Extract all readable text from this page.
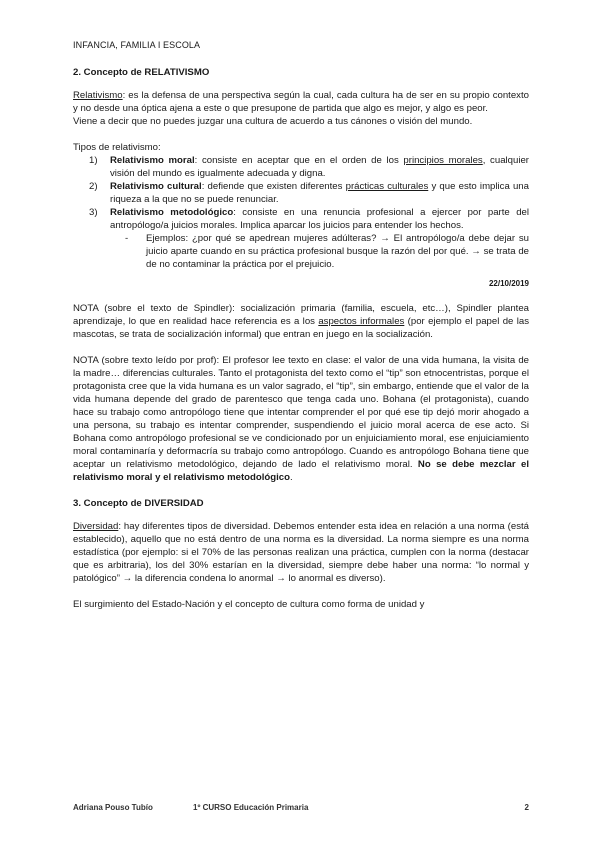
INFANCIA, FAMILIA I ESCOLA
2. Concepto de RELATIVISMO

Relativismo: es la defensa de una perspectiva según la cual, cada cultura ha de ser en su propio contexto y no desde una óptica ajena a este o que presupone de partida que algo es mejor, y algo es peor.

Viene a decir que no puedes juzgar una cultura de acuerdo a tus cánones o visión del mundo.

Tipos de relativismo:

1) Relativismo moral: consiste en aceptar que en el orden de los principios morales, cualquier visión del mundo es igualmente adecuada y digna.
2) Relativismo cultural: defiende que existen diferentes prácticas culturales y que esto implica una riqueza a la que no se puede renunciar.
3) Relativismo metodológico: consiste en una renuncia profesional a ejercer por parte del antropólogo/a juicios morales. Implica aparcar los juicios para entender los hechos.

- Ejemplos: ¿por qué se apedrean mujeres adúlteras? → El antropólogo/a debe dejar su juicio aparte cuando en su práctica profesional busque la razón del por qué. → se trata de de no contaminar la práctica por el prejuicio.

22/10/2019

NOTA (sobre el texto de Spindler): socialización primaria (familia, escuela, etc…), Spindler plantea aprendizaje, lo que en realidad hace referencia es a los aspectos informales (por ejemplo el papel de las mascotas, se trata de socialización informal) que entran en juego en la socialización.

NOTA (sobre texto leído por prof): El profesor lee texto en clase: el valor de una vida humana, la visita de la madre… diferencias culturales. Tanto el protagonista del texto como el “tip” son etnocentristas, porque el protagonista cree que la vida humana es un valor sagrado, el “tip”, sin embargo, entiende que el valor de la vida humana depende del grado de parentesco que tenga cada uno. Bohana (el protagonista), cuando hace su trabajo como antropólogo tiene que intentar comprender el por qué ese tip dejó morir ahogado a una persona, su trabajo es intentar comprender, suspendiendo el juicio moral acerca de ese acto. Si Bohana como antropólogo profesional se ve condicionado por un enjuiciamiento moral, ese enjuiciamiento moral contaminaría y deformacría su trabajo como antropólogo. Cuando es antropólogo Bohana tiene que aceptar un relativismo metodológico, dejando de lado el relativismo moral. No se debe mezclar el relativismo moral y el relativismo metodológico.

3. Concepto de DIVERSIDAD

Diversidad: hay diferentes tipos de diversidad. Debemos entender esta idea en relación a una norma (está establecido), aquello que no está dentro de una norma es la diversidad. La norma siempre es una norma estadística (por ejemplo: si el 70% de las personas realizan una práctica, cumplen con la norma (destacar que es arbitraria), los del 30% estarían en la diversidad, siempre debe haber una norma: “lo normal y patológico” → la diferencia condena lo anormal → lo anormal es diverso).

El surgimiento del Estado-Nación y el concepto de cultura como forma de unidad y

Adriana Pouso Tubío	1º CURSO Educación Primaria	2
